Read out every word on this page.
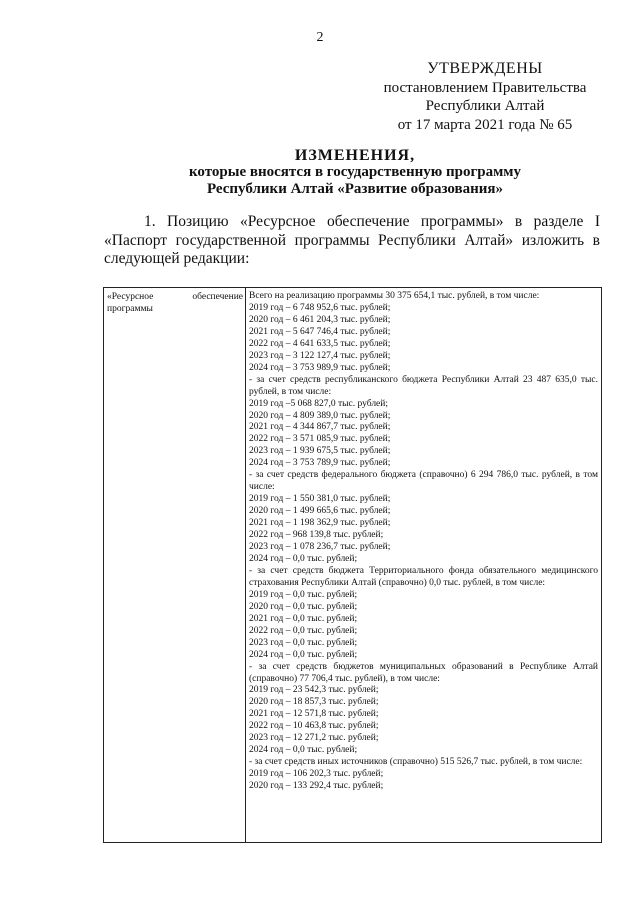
2
УТВЕРЖДЕНЫ
постановлением Правительства
Республики Алтай
от 17 марта 2021 года № 65
ИЗМЕНЕНИЯ,
которые вносятся в государственную программу
Республики Алтай «Развитие образования»
1. Позицию «Ресурсное обеспечение программы» в разделе I «Паспорт государственной программы Республики Алтай» изложить в следующей редакции:
«Ресурсное	обеспечение
программы
Всего на реализацию программы 30 375 654,1 тыс. рублей, в том числе:
2019 год – 6 748 952,6 тыс. рублей;
2020 год – 6 461 204,3 тыс. рублей;
2021 год – 5 647 746,4 тыс. рублей;
2022 год – 4 641 633,5 тыс. рублей;
2023 год – 3 122 127,4 тыс. рублей;
2024 год – 3 753 989,9 тыс. рублей;
- за счет средств республиканского бюджета Республики Алтай 23 487 635,0 тыс. рублей, в том числе:
2019 год –5 068 827,0 тыс. рублей;
2020 год – 4 809 389,0 тыс. рублей;
2021 год – 4 344 867,7 тыс. рублей;
2022 год – 3 571 085,9 тыс. рублей;
2023 год – 1 939 675,5 тыс. рублей;
2024 год – 3 753 789,9 тыс. рублей;
- за счет средств федерального бюджета (справочно) 6 294 786,0 тыс. рублей, в том числе:
2019 год – 1 550 381,0 тыс. рублей;
2020 год – 1 499 665,6 тыс. рублей;
2021 год – 1 198 362,9 тыс. рублей;
2022 год – 968 139,8 тыс. рублей;
2023 год – 1 078 236,7 тыс. рублей;
2024 год – 0,0 тыс. рублей;
- за счет средств бюджета Территориального фонда обязательного медицинского страхования Республики Алтай (справочно) 0,0 тыс. рублей, в том числе:
2019 год – 0,0 тыс. рублей;
2020 год – 0,0 тыс. рублей;
2021 год – 0,0 тыс. рублей;
2022 год – 0,0 тыс. рублей;
2023 год – 0,0 тыс. рублей;
2024 год – 0,0 тыс. рублей;
- за счет средств бюджетов муниципальных образований в Республике Алтай (справочно) 77 706,4 тыс. рублей), в том числе:
2019 год – 23 542,3 тыс. рублей;
2020 год – 18 857,3 тыс. рублей;
2021 год – 12 571,8 тыс. рублей;
2022 год – 10 463,8 тыс. рублей;
2023 год – 12 271,2 тыс. рублей;
2024 год – 0,0 тыс. рублей;
- за счет средств иных источников (справочно) 515 526,7 тыс. рублей, в том числе:
2019 год – 106 202,3 тыс. рублей;
2020 год – 133 292,4 тыс. рублей;
